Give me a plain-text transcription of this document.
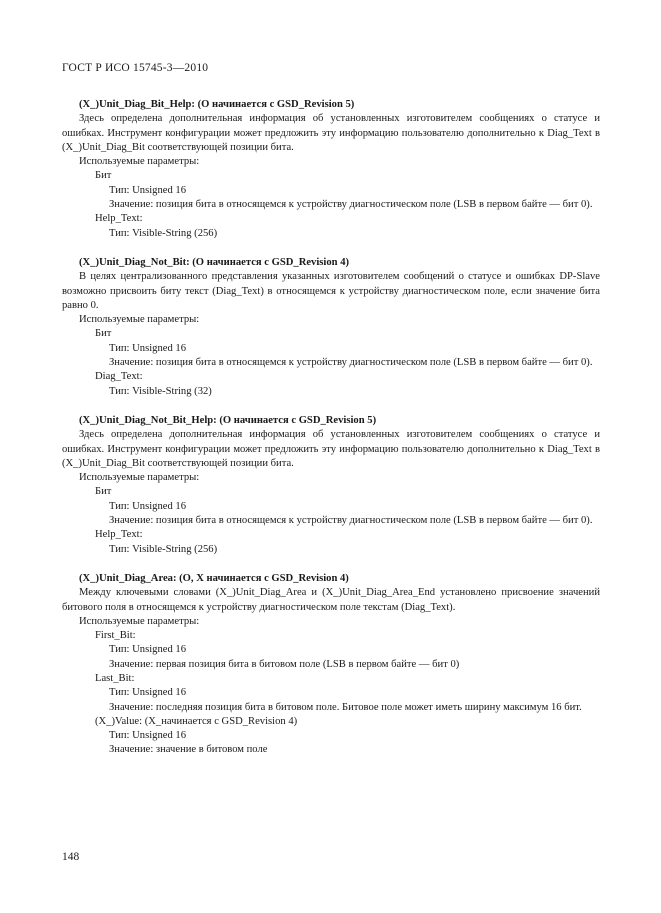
ГОСТ Р ИСО 15745-3—2010
(X_)Unit_Diag_Bit_Help: (О начинается с GSD_Revision 5)
Здесь определена дополнительная информация об установленных изготовителем сообщениях о статусе и ошибках. Инструмент конфигурации может предложить эту информацию пользователю дополнительно к Diag_Text в (X_)Unit_Diag_Bit соответствующей позиции бита.
Используемые параметры:
Бит
Тип: Unsigned 16
Значение: позиция бита в относящемся к устройству диагностическом поле (LSB в первом байте — бит 0).
Help_Text:
Тип: Visible-String (256)
(X_)Unit_Diag_Not_Bit: (О начинается с GSD_Revision 4)
В целях централизованного представления указанных изготовителем сообщений о статусе и ошибках DP-Slave возможно присвоить биту текст (Diag_Text) в относящемся к устройству диагностическом поле, если значение бита равно 0.
Используемые параметры:
Бит
Тип: Unsigned 16
Значение: позиция бита в относящемся к устройству диагностическом поле (LSB в первом байте — бит 0).
Diag_Text:
Тип: Visible-String (32)
(X_)Unit_Diag_Not_Bit_Help: (О начинается с GSD_Revision 5)
Здесь определена дополнительная информация об установленных изготовителем сообщениях о статусе и ошибках. Инструмент конфигурации может предложить эту информацию пользователю дополнительно к Diag_Text в (X_)Unit_Diag_Bit соответствующей позиции бита.
Используемые параметры:
Бит
Тип: Unsigned 16
Значение: позиция бита в относящемся к устройству диагностическом поле (LSB в первом байте — бит 0).
Help_Text:
Тип: Visible-String (256)
(X_)Unit_Diag_Area: (О, X начинается с GSD_Revision 4)
Между ключевыми словами (X_)Unit_Diag_Area и (X_)Unit_Diag_Area_End установлено присвоение значений битового поля в относящемся к устройству диагностическом поле текстам (Diag_Text).
Используемые параметры:
First_Bit:
Тип: Unsigned 16
Значение: первая позиция бита в битовом поле (LSB в первом байте — бит 0)
Last_Bit:
Тип: Unsigned 16
Значение: последняя позиция бита в битовом поле. Битовое поле может иметь ширину максимум 16 бит.
(X_)Value: (X_начинается с GSD_Revision 4)
Тип: Unsigned 16
Значение: значение в битовом поле
148
